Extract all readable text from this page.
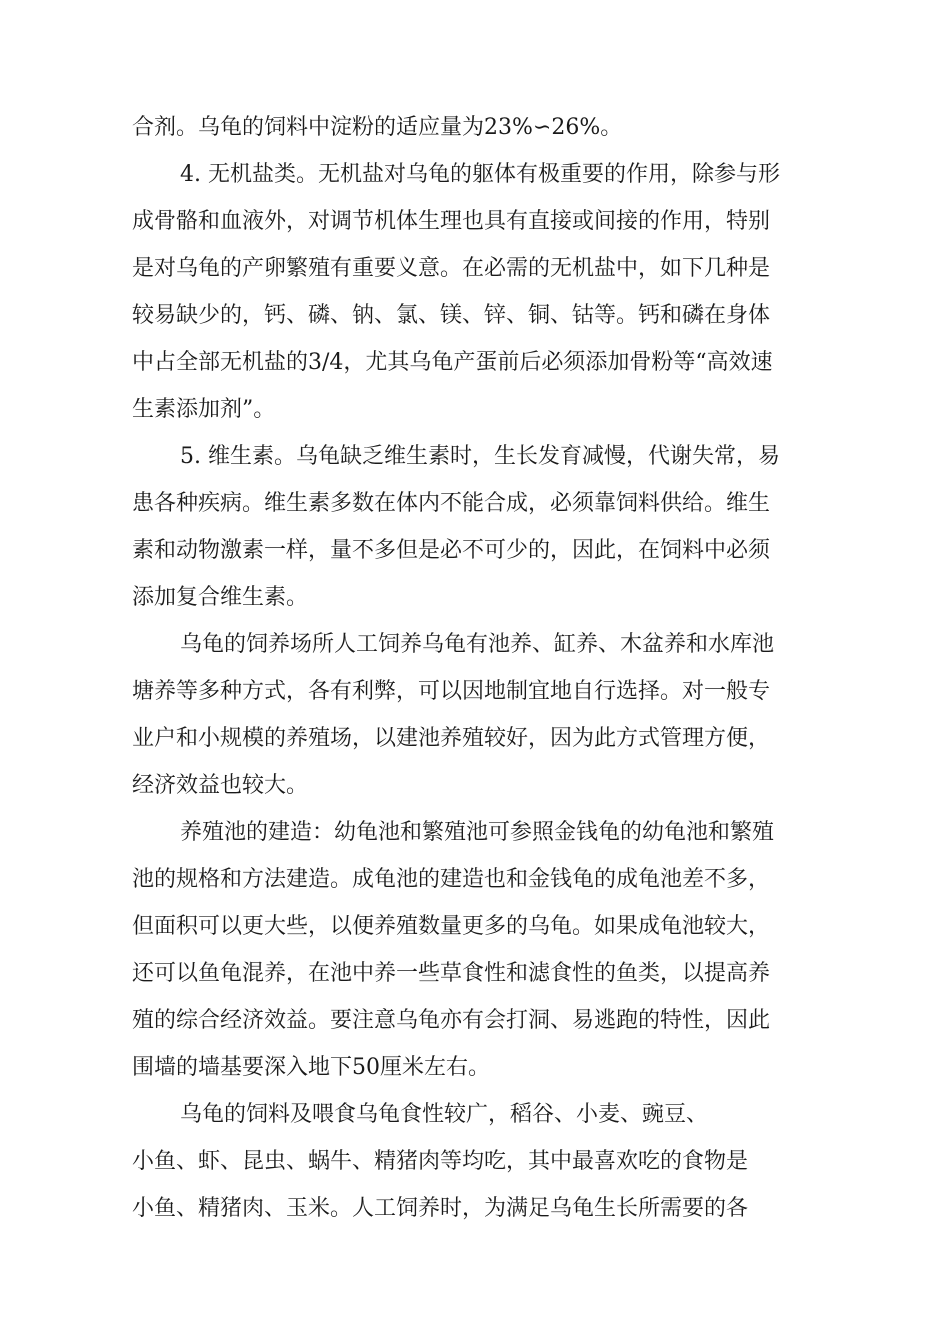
合剂。乌龟的饲料中淀粉的适应量为23%∽26%。
4. 无机盐类。无机盐对乌龟的躯体有极重要的作用，除参与形
成骨骼和血液外，对调节机体生理也具有直接或间接的作用，特别
是对乌龟的产卵繁殖有重要义意。在必需的无机盐中，如下几种是
较易缺少的，钙、磷、钠、氯、镁、锌、铜、钴等。钙和磷在身体
中占全部无机盐的3/4，尤其乌龟产蛋前后必须添加骨粉等“高效速
生素添加剂”。
5. 维生素。乌龟缺乏维生素时，生长发育减慢，代谢失常，易
患各种疾病。维生素多数在体内不能合成，必须靠饲料供给。维生
素和动物激素一样，量不多但是必不可少的，因此，在饲料中必须
添加复合维生素。
乌龟的饲养场所人工饲养乌龟有池养、缸养、木盆养和水库池
塘养等多种方式，各有利弊，可以因地制宜地自行选择。对一般专
业户和小规模的养殖场，以建池养殖较好，因为此方式管理方便，
经济效益也较大。
养殖池的建造：幼龟池和繁殖池可参照金钱龟的幼龟池和繁殖
池的规格和方法建造。成龟池的建造也和金钱龟的成龟池差不多，
但面积可以更大些，以便养殖数量更多的乌龟。如果成龟池较大，
还可以鱼龟混养，在池中养一些草食性和滤食性的鱼类，以提高养
殖的综合经济效益。要注意乌龟亦有会打洞、易逃跑的特性，因此
围墙的墙基要深入地下50厘米左右。
乌龟的饲料及喂食乌龟食性较广，稻谷、小麦、豌豆、
小鱼、虾、昆虫、蜗牛、精猪肉等均吃，其中最喜欢吃的食物是
小鱼、精猪肉、玉米。人工饲养时，为满足乌龟生长所需要的各
